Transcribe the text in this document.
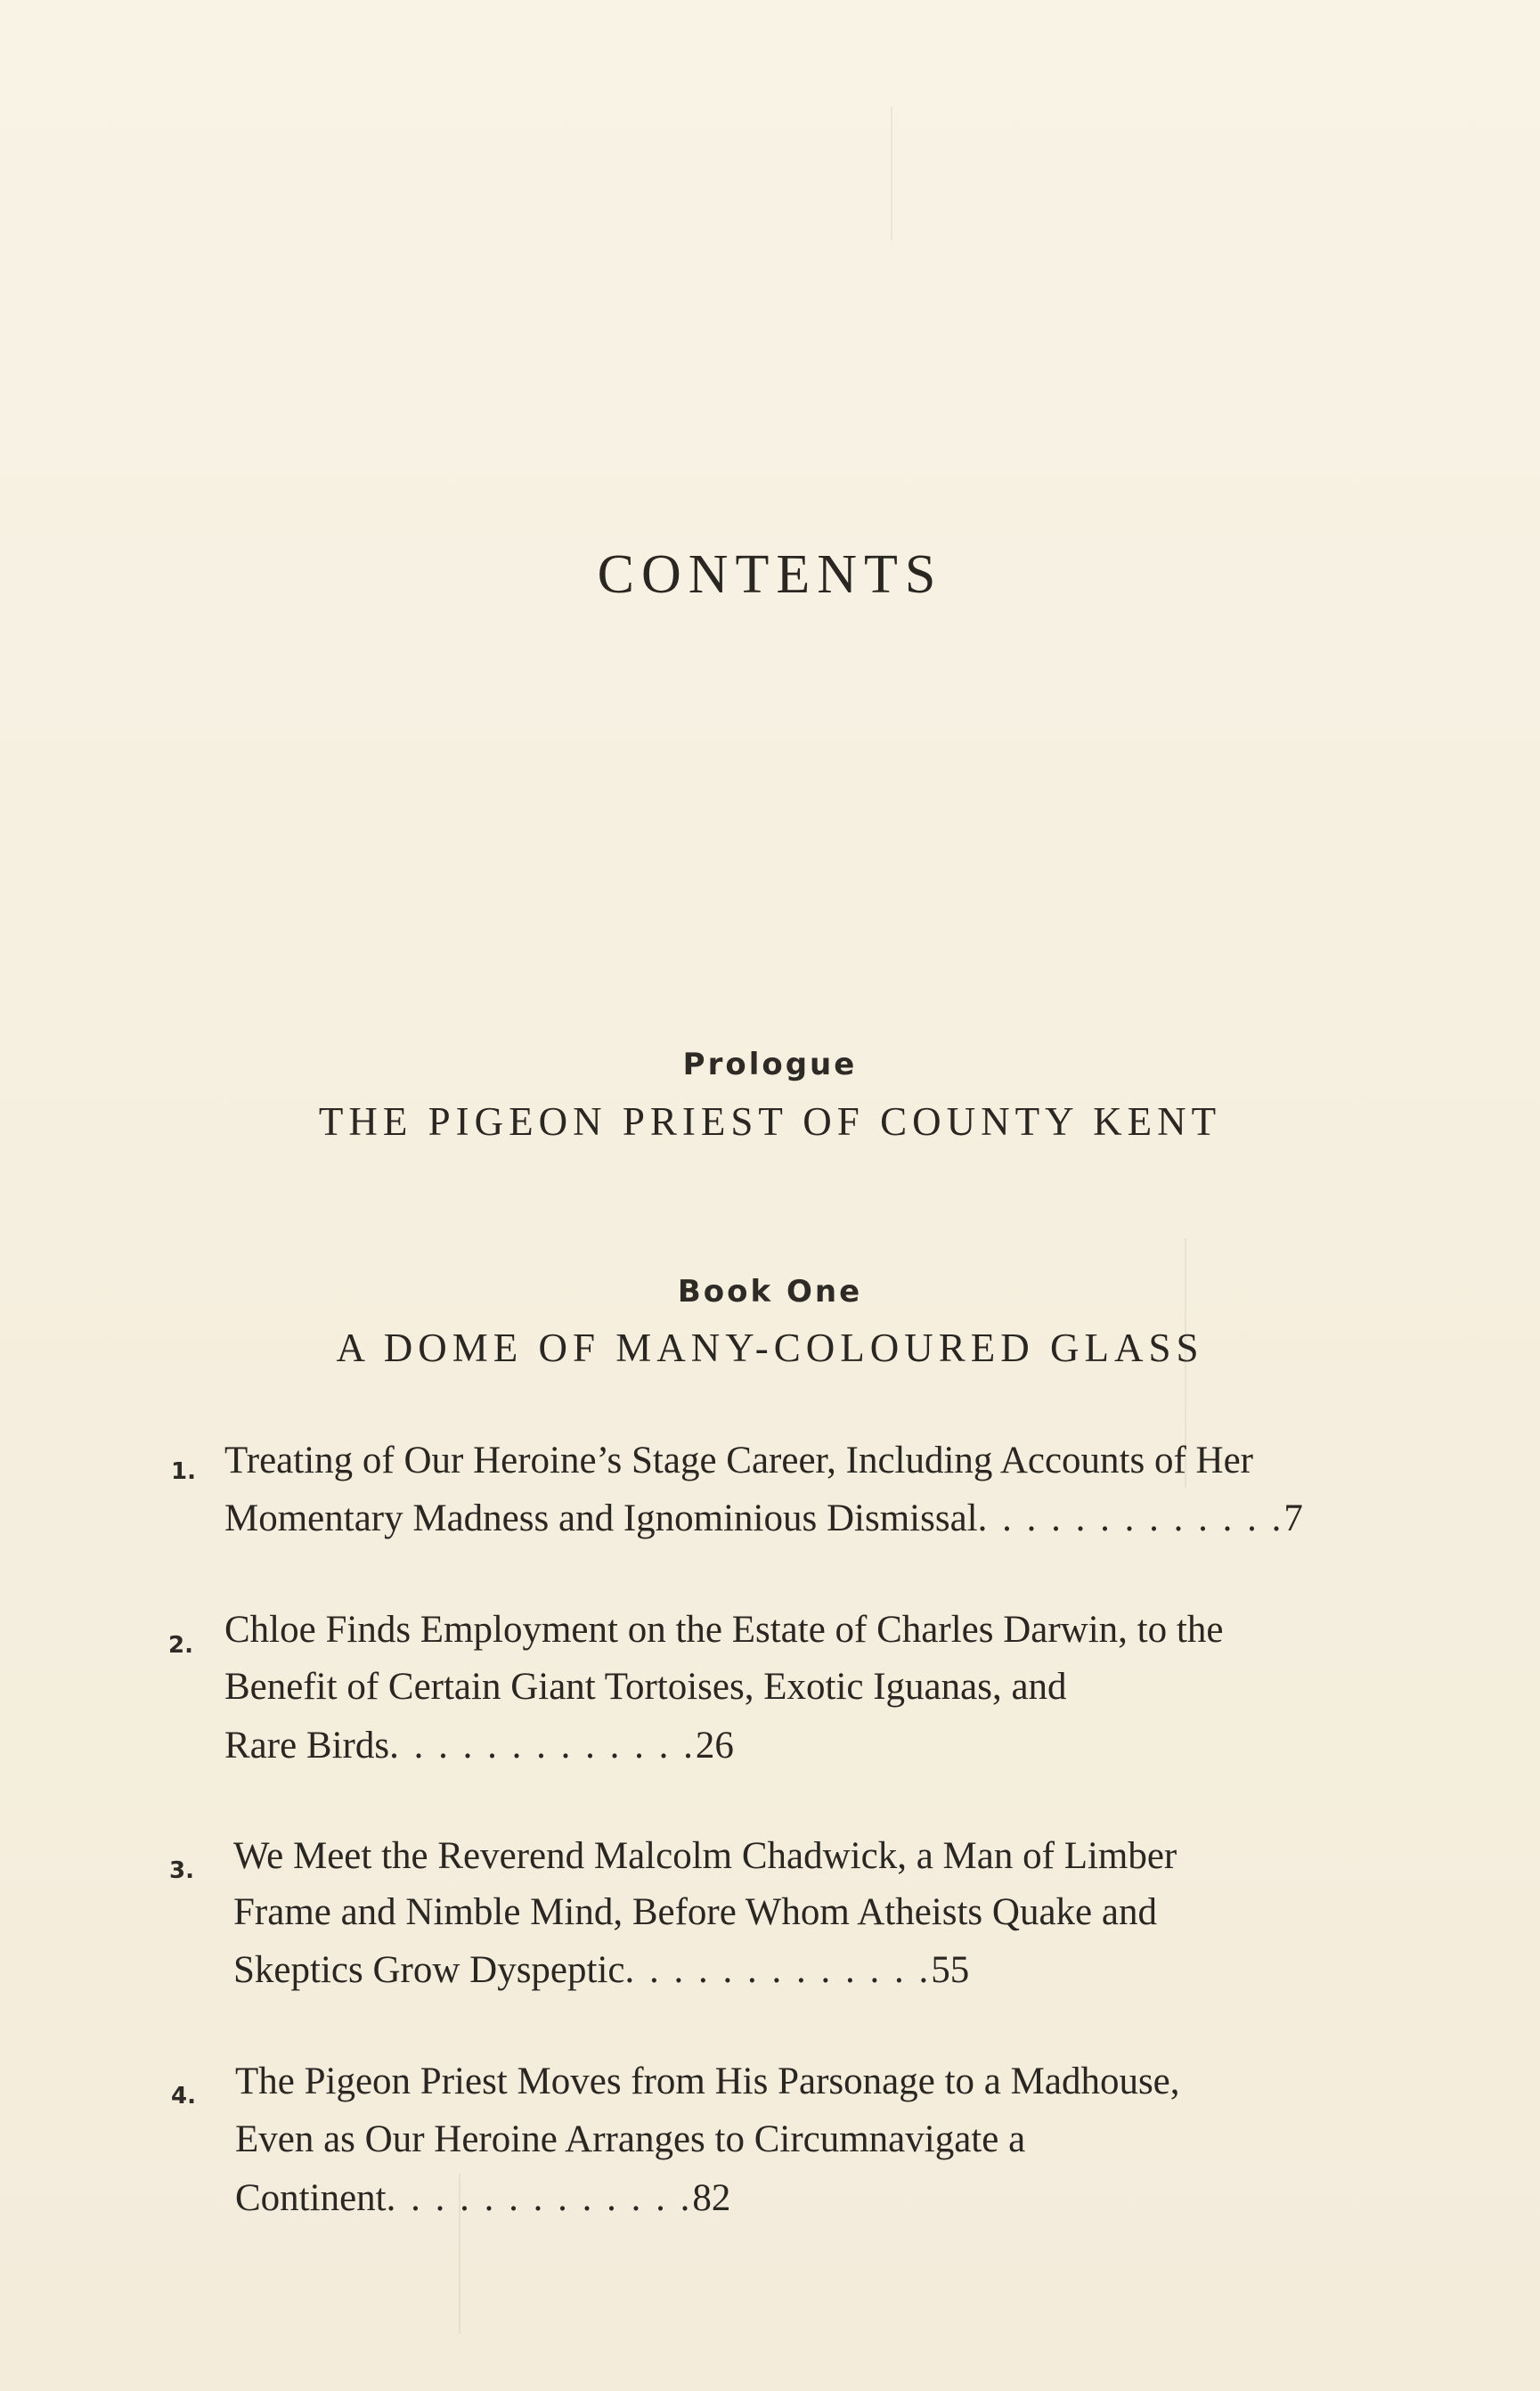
CONTENTS
Prologue
THE PIGEON PRIEST OF COUNTY KENT
Book One
A DOME OF MANY-COLOURED GLASS
1. Treating of Our Heroine’s Stage Career, Including Accounts of Her
Momentary Madness and Ignominious Dismissal. . . . . . . . . . . . .7
2. Chloe Finds Employment on the Estate of Charles Darwin, to the
Benefit of Certain Giant Tortoises, Exotic Iguanas, and
Rare Birds. . . . . . . . . . . . .26
3. We Meet the Reverend Malcolm Chadwick, a Man of Limber
Frame and Nimble Mind, Before Whom Atheists Quake and
Skeptics Grow Dyspeptic. . . . . . . . . . . . .55
4. The Pigeon Priest Moves from His Parsonage to a Madhouse,
Even as Our Heroine Arranges to Circumnavigate a
Continent. . . . . . . . . . . . .82
